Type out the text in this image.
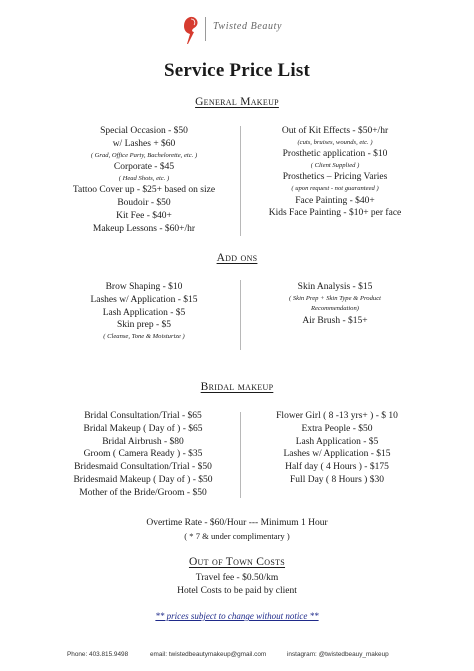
Twisted Beauty
Service Price List
General Makeup
Special Occasion - $50
w/ Lashes + $60
( Grad, Office Party, Bachelorette, etc. )
Corporate - $45
( Head Shots, etc. )
Tattoo Cover up - $25+ based on size
Boudoir - $50
Kit Fee - $40+
Makeup Lessons - $60+/hr
Out of Kit Effects - $50+/hr
(cuts, bruises, wounds, etc. )
Prosthetic application - $10
( Client Supplied )
Prosthetics – Pricing Varies
( upon request - not guaranteed )
Face Painting - $40+
Kids Face Painting - $10+ per face
Add ons
Brow Shaping - $10
Lashes w/ Application - $15
Lash Application - $5
Skin prep - $5
( Cleanse, Tone & Moisturize )
Skin Analysis - $15
( Skin Prep + Skin Type & Product
Recommendation)
Air Brush - $15+
Bridal makeup
Bridal Consultation/Trial - $65
Bridal Makeup ( Day of ) - $65
Bridal Airbrush - $80
Groom ( Camera Ready ) - $35
Bridesmaid Consultation/Trial - $50
Bridesmaid Makeup ( Day of ) - $50
Mother of the Bride/Groom - $50
Flower Girl ( 8 -13 yrs+ ) - $ 10
Extra People - $50
Lash Application - $5
Lashes w/ Application - $15
Half day ( 4 Hours ) - $175
Full Day ( 8 Hours ) $30
Overtime Rate - $60/Hour --- Minimum 1 Hour
( * 7 & under complimentary )
Out of Town Costs
Travel fee - $0.50/km
Hotel Costs to be paid by client
** prices subject to change without notice **
Phone: 403.815.9498	email: twistedbeautymakeup@gmail.com	instagram: @twistedbeauy_makeup
